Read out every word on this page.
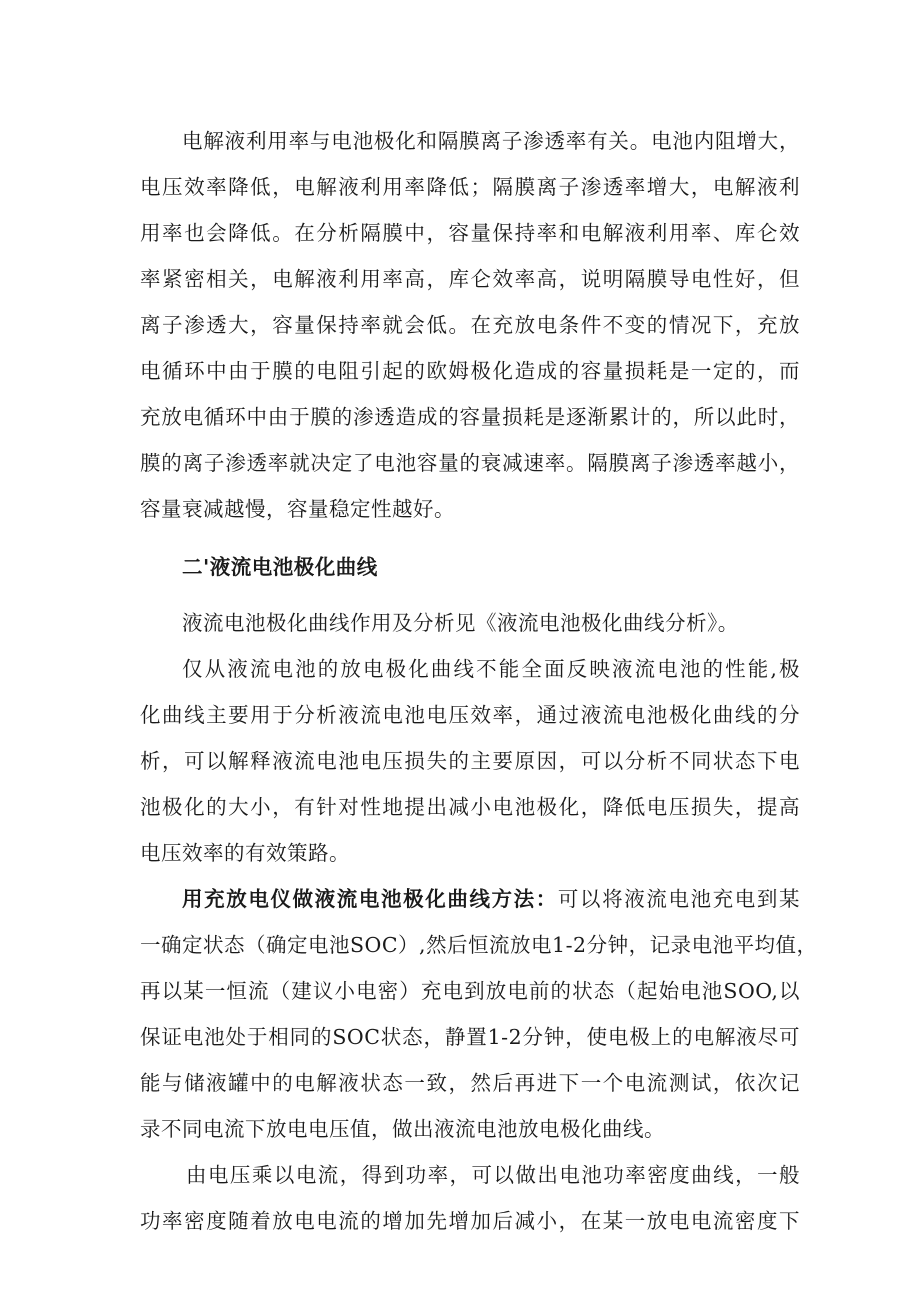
电解液利用率与电池极化和隔膜离子渗透率有关。电池内阻增大，
电压效率降低，电解液利用率降低；隔膜离子渗透率增大，电解液利
用率也会降低。在分析隔膜中，容量保持率和电解液利用率、库仑效
率紧密相关，电解液利用率高，库仑效率高，说明隔膜导电性好，但
离子渗透大，容量保持率就会低。在充放电条件不变的情况下，充放
电循环中由于膜的电阻引起的欧姆极化造成的容量损耗是一定的，而
充放电循环中由于膜的渗透造成的容量损耗是逐渐累计的，所以此时，
膜的离子渗透率就决定了电池容量的衰减速率。隔膜离子渗透率越小，
容量衰减越慢，容量稳定性越好。
二'液流电池极化曲线
液流电池极化曲线作用及分析见《液流电池极化曲线分析》。
仅从液流电池的放电极化曲线不能全面反映液流电池的性能,极
化曲线主要用于分析液流电池电压效率，通过液流电池极化曲线的分
析，可以解释液流电池电压损失的主要原因，可以分析不同状态下电
池极化的大小，有针对性地提出减小电池极化，降低电压损失，提高
电压效率的有效策路。
用充放电仪做液流电池极化曲线方法：可以将液流电池充电到某
一确定状态（确定电池SOC）,然后恒流放电1-2分钟，记录电池平均值，
再以某一恒流（建议小电密）充电到放电前的状态（起始电池SOO,以
保证电池处于相同的SOC状态，静置1-2分钟，使电极上的电解液尽可
能与储液罐中的电解液状态一致，然后再进下一个电流测试，依次记
录不同电流下放电电压值，做出液流电池放电极化曲线。
由电压乘以电流，得到功率，可以做出电池功率密度曲线，一般
功率密度随着放电电流的增加先增加后减小，在某一放电电流密度下
